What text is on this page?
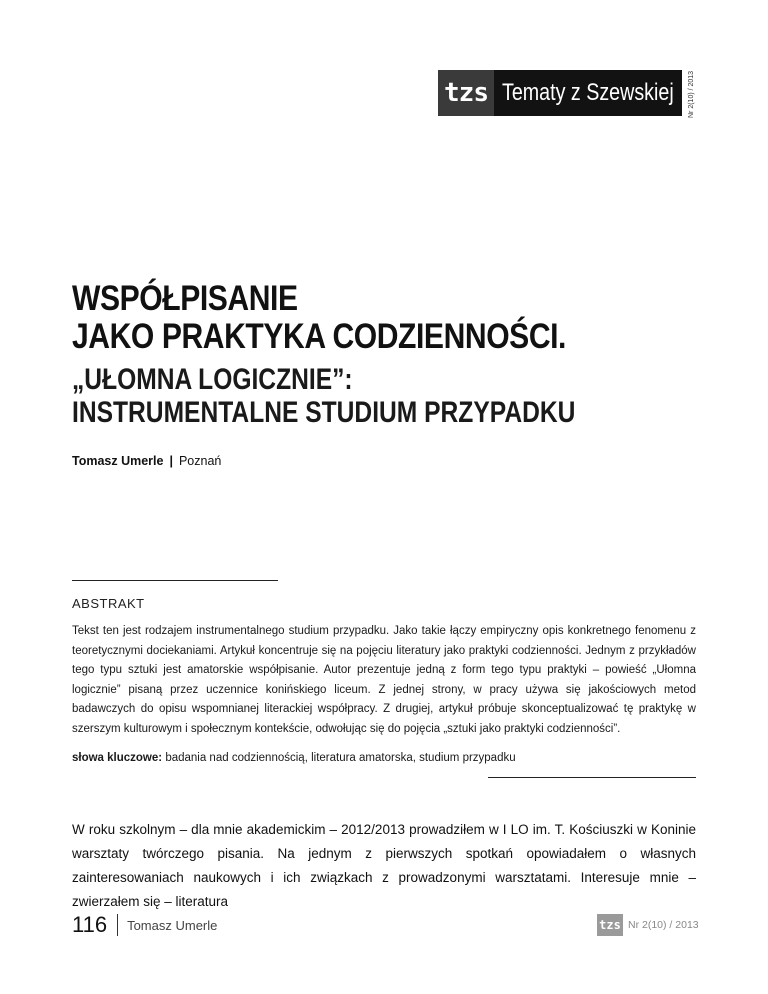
tzs Tematy z Szewskiej Nr 2(10) / 2013
WSPÓŁPISANIE
JAKO PRAKTYKA CODZIENNOŚCI.
„UŁOMNA LOGICZNIE”:
INSTRUMENTALNE STUDIUM PRZYPADKU
Tomasz Umerle | Poznań
ABSTRAKT
Tekst ten jest rodzajem instrumentalnego studium przypadku. Jako takie łączy empiryczny opis konkretnego fenomenu z teoretycznymi dociekaniami. Artykuł koncentruje się na pojęciu literatury jako praktyki codzienności. Jednym z przykładów tego typu sztuki jest amatorskie współpisanie. Autor prezentuje jedną z form tego typu praktyki – powieść „Ułomna logicznie” pisaną przez uczennice konińskiego liceum. Z jednej strony, w pracy używa się jakościowych metod badawczych do opisu wspomnianej literackiej współpracy. Z drugiej, artykuł próbuje skonceptualizować tę praktykę w szerszym kulturowym i społecznym kontekście, odwołując się do pojęcia „sztuki jako praktyki codzienności”.
słowa kluczowe: badania nad codziennością, literatura amatorska, studium przypadku
W roku szkolnym – dla mnie akademickim – 2012/2013 prowadziłem w I LO im. T. Kościuszki w Koninie warsztaty twórczego pisania. Na jednym z pierwszych spotkań opowiadałem o własnych zainteresowaniach naukowych i ich związkach z prowadzonymi warsztatami. Interesuje mnie – zwierzałem się – literatura
116 Tomasz Umerle	tzs Nr 2(10) / 2013
